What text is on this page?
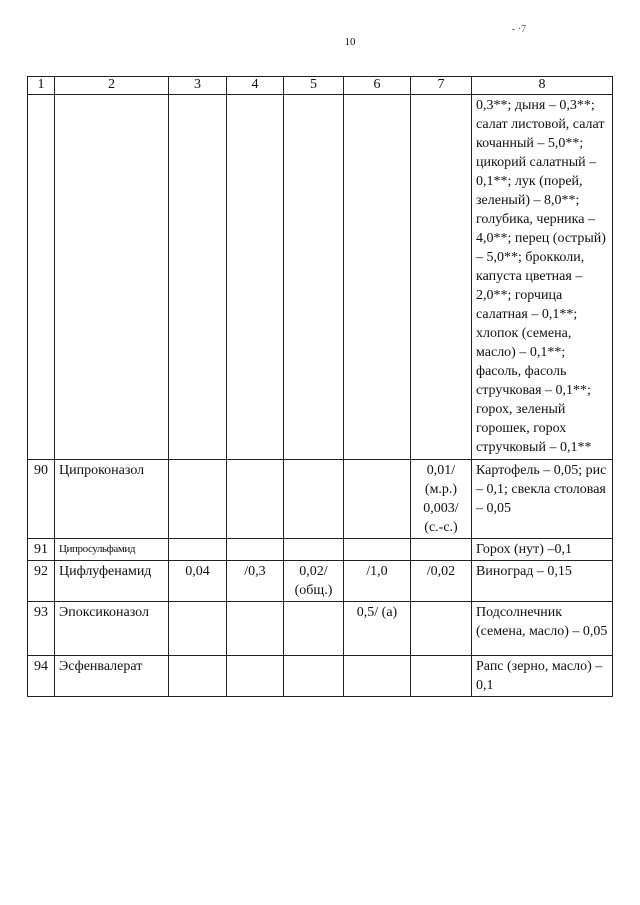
10
- ·7
1	2	3	4	5	6	7	8
							0,3**; дыня – 0,3**; салат листовой, салат кочанный – 5,0**; цикорий салатный – 0,1**; лук (порей, зеленый) – 8,0**; голубика, черника – 4,0**; перец (острый) – 5,0**; брокколи, капуста цветная – 2,0**; горчица салатная – 0,1**; хлопок (семена, масло) – 0,1**; фасоль, фасоль стручковая – 0,1**; горох, зеленый горошек, горох стручковый – 0,1**
90	Ципроконазол					0,01/ (м.р.) 0,003/ (с.-с.)	Картофель – 0,05; рис – 0,1; свекла столовая – 0,05
91	Ципросульфамид						Горох (нут) –0,1
92	Цифлуфенамид	0,04	/0,3	0,02/ (общ.)	/1,0	/0,02	Виноград – 0,15
93	Эпоксиконазол				0,5/ (а)		Подсолнечник (семена, масло) – 0,05
94	Эсфенвалерат						Рапс (зерно, масло) – 0,1
